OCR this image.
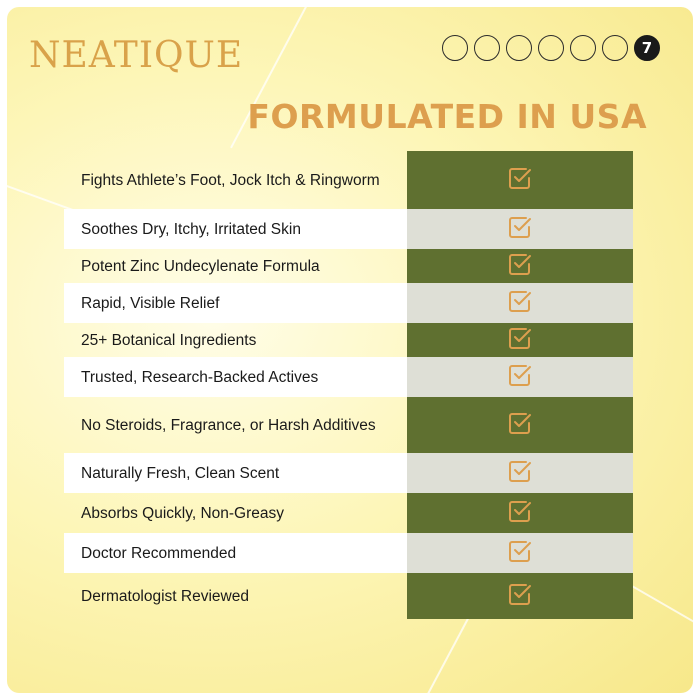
NEATIQUE	7
FORMULATED IN USA
Fights Athlete’s Foot, Jock Itch & Ringworm
Soothes Dry, Itchy, Irritated Skin
Potent Zinc Undecylenate Formula
Rapid, Visible Relief
25+ Botanical Ingredients
Trusted, Research-Backed Actives
No Steroids, Fragrance, or Harsh Additives
Naturally Fresh, Clean Scent
Absorbs Quickly, Non-Greasy
Doctor Recommended
Dermatologist Reviewed
